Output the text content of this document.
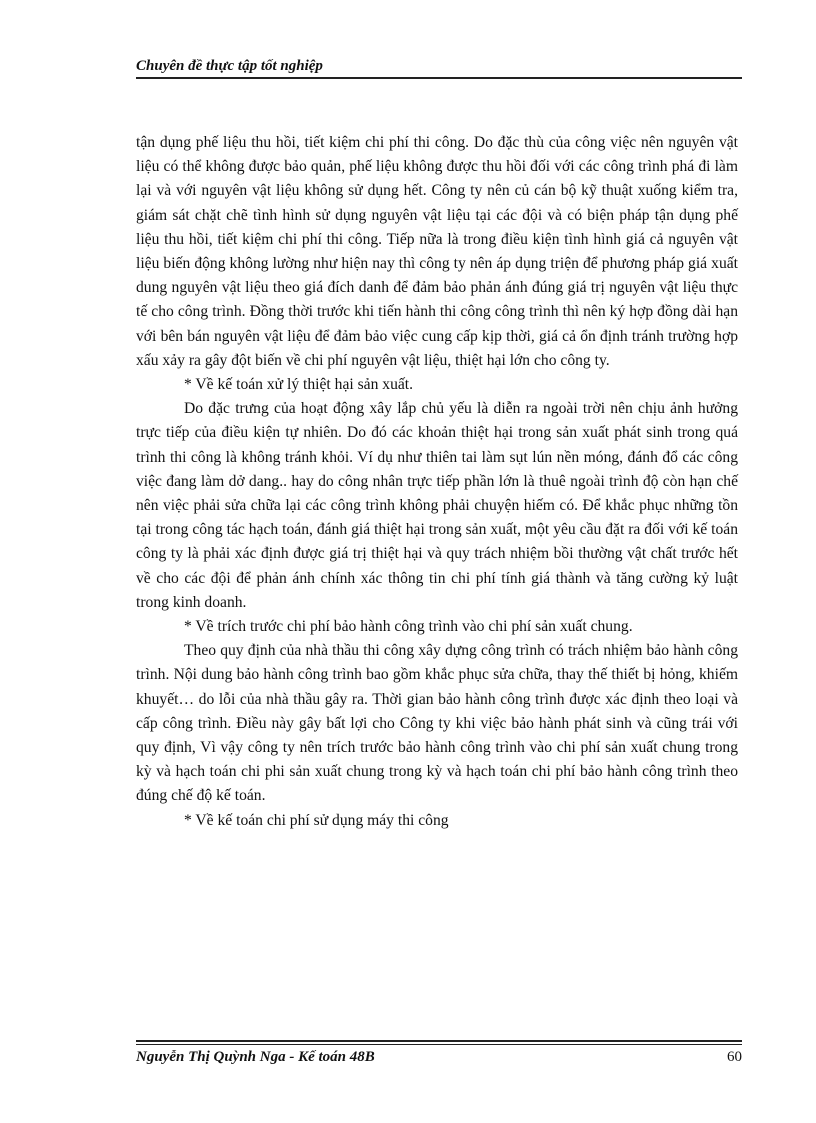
Chuyên đề thực tập tốt nghiệp

tận dụng phế liệu thu hồi, tiết kiệm chi phí thi công. Do đặc thù của công việc nên nguyên vật liệu có thể không được bảo quản, phế liệu không được thu hồi đối với các công trình phá đi làm lại và với nguyên vật liệu không sử dụng hết. Công ty nên củ cán bộ kỹ thuật xuống kiểm tra, giám sát chặt chẽ tình hình sử dụng nguyên vật liệu tại các đội và có biện pháp tận dụng phế liệu thu hồi, tiết kiệm chi phí thi công. Tiếp nữa là trong điều kiện tình hình giá cả nguyên vật liệu biến động không lường như hiện nay thì công ty nên áp dụng triện để phương pháp giá xuất dung nguyên vật liệu theo giá đích danh để đảm bảo phản ánh đúng giá trị nguyên vật liệu thực tế cho công trình. Đồng thời trước khi tiến hành thi công công trình thì nên ký hợp đồng dài hạn với bên bán nguyên vật liệu để đảm bảo việc cung cấp kịp thời, giá cả ổn định tránh trường hợp xấu xảy ra gây đột biến về chi phí nguyên vật liệu, thiệt hại lớn cho công ty.

* Về kế toán xử lý thiệt hại sản xuất.

Do đặc trưng của hoạt động xây lắp chủ yếu là diễn ra ngoài trời nên chịu ảnh hưởng trực tiếp của điều kiện tự nhiên. Do đó các khoản thiệt hại trong sản xuất phát sinh trong quá trình thi công là không tránh khỏi. Ví dụ như thiên tai làm sụt lún nền móng, đánh đổ các công việc đang làm dở dang.. hay do công nhân trực tiếp phần lớn là thuê ngoài trình độ còn hạn chế nên việc phải sửa chữa lại các công trình không phải chuyện hiếm có. Để khắc phục những tồn tại trong công tác hạch toán, đánh giá thiệt hại trong sản xuất, một yêu cầu đặt ra đối với kế toán công ty là phải xác định được giá trị thiệt hại và quy trách nhiệm bồi thường vật chất trước hết về cho các đội để phản ánh chính xác thông tin chi phí tính giá thành và tăng cường kỷ luật trong kinh doanh.

* Về trích trước chi phí bảo hành công trình vào chi phí sản xuất chung.

Theo quy định của nhà thầu thi công xây dựng công trình có trách nhiệm bảo hành công trình. Nội dung bảo hành công trình bao gồm khắc phục sửa chữa, thay thế thiết bị hỏng, khiếm khuyết… do lỗi của nhà thầu gây ra. Thời gian bảo hành công trình được xác định theo loại và cấp công trình. Điều này gây bất lợi cho Công ty khi việc bảo hành phát sinh và cũng trái với quy định, Vì vậy công ty nên trích trước bảo hành công trình vào chi phí sản xuất chung trong kỳ và hạch toán chi phi sản xuất chung trong kỳ và hạch toán chi phí bảo hành công trình theo đúng chế độ kế toán.

* Về kế toán chi phí sử dụng máy thi công

Nguyễn Thị Quỳnh Nga - Kế toán 48B	60
